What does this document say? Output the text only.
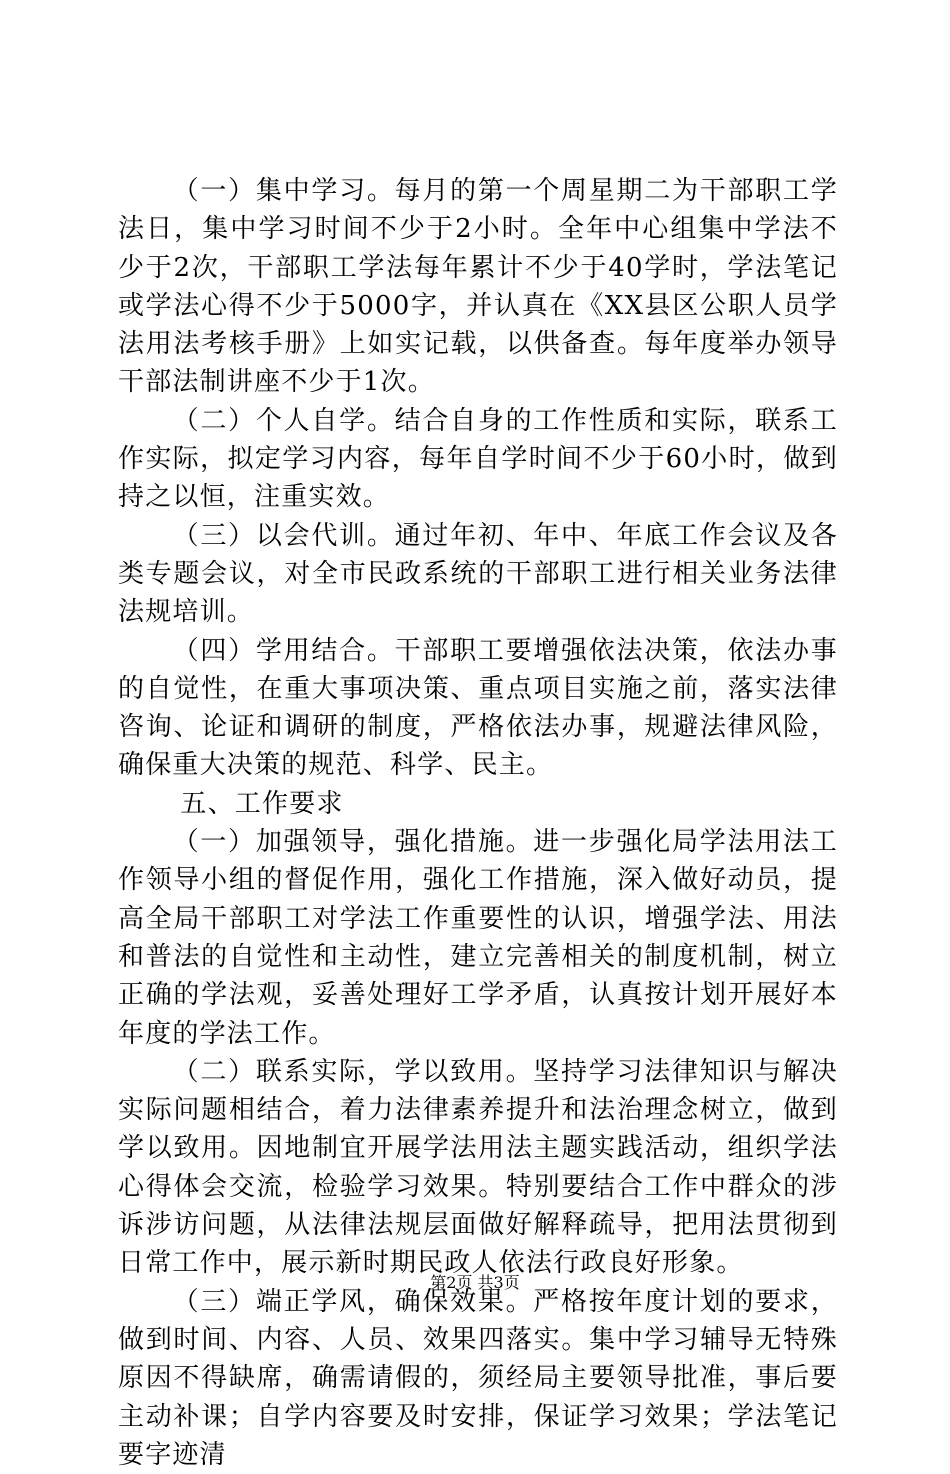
（一）集中学习。每月的第一个周星期二为干部职工学法日，集中学习时间不少于2小时。全年中心组集中学法不少于2次，干部职工学法每年累计不少于40学时，学法笔记或学法心得不少于5000字，并认真在《XX县区公职人员学法用法考核手册》上如实记载，以供备查。每年度举办领导干部法制讲座不少于1次。

（二）个人自学。结合自身的工作性质和实际，联系工作实际，拟定学习内容，每年自学时间不少于60小时，做到持之以恒，注重实效。

（三）以会代训。通过年初、年中、年底工作会议及各类专题会议，对全市民政系统的干部职工进行相关业务法律法规培训。

（四）学用结合。干部职工要增强依法决策，依法办事的自觉性，在重大事项决策、重点项目实施之前，落实法律咨询、论证和调研的制度，严格依法办事，规避法律风险，确保重大决策的规范、科学、民主。

五、工作要求

（一）加强领导，强化措施。进一步强化局学法用法工作领导小组的督促作用，强化工作措施，深入做好动员，提高全局干部职工对学法工作重要性的认识，增强学法、用法和普法的自觉性和主动性，建立完善相关的制度机制，树立正确的学法观，妥善处理好工学矛盾，认真按计划开展好本年度的学法工作。

（二）联系实际，学以致用。坚持学习法律知识与解决实际问题相结合，着力法律素养提升和法治理念树立，做到学以致用。因地制宜开展学法用法主题实践活动，组织学法心得体会交流，检验学习效果。特别要结合工作中群众的涉诉涉访问题，从法律法规层面做好解释疏导，把用法贯彻到日常工作中，展示新时期民政人依法行政良好形象。

（三）端正学风，确保效果。严格按年度计划的要求，做到时间、内容、人员、效果四落实。集中学习辅导无特殊原因不得缺席，确需请假的，须经局主要领导批准，事后要主动补课；自学内容要及时安排，保证学习效果；学法笔记要字迹清

第2页 共3页
